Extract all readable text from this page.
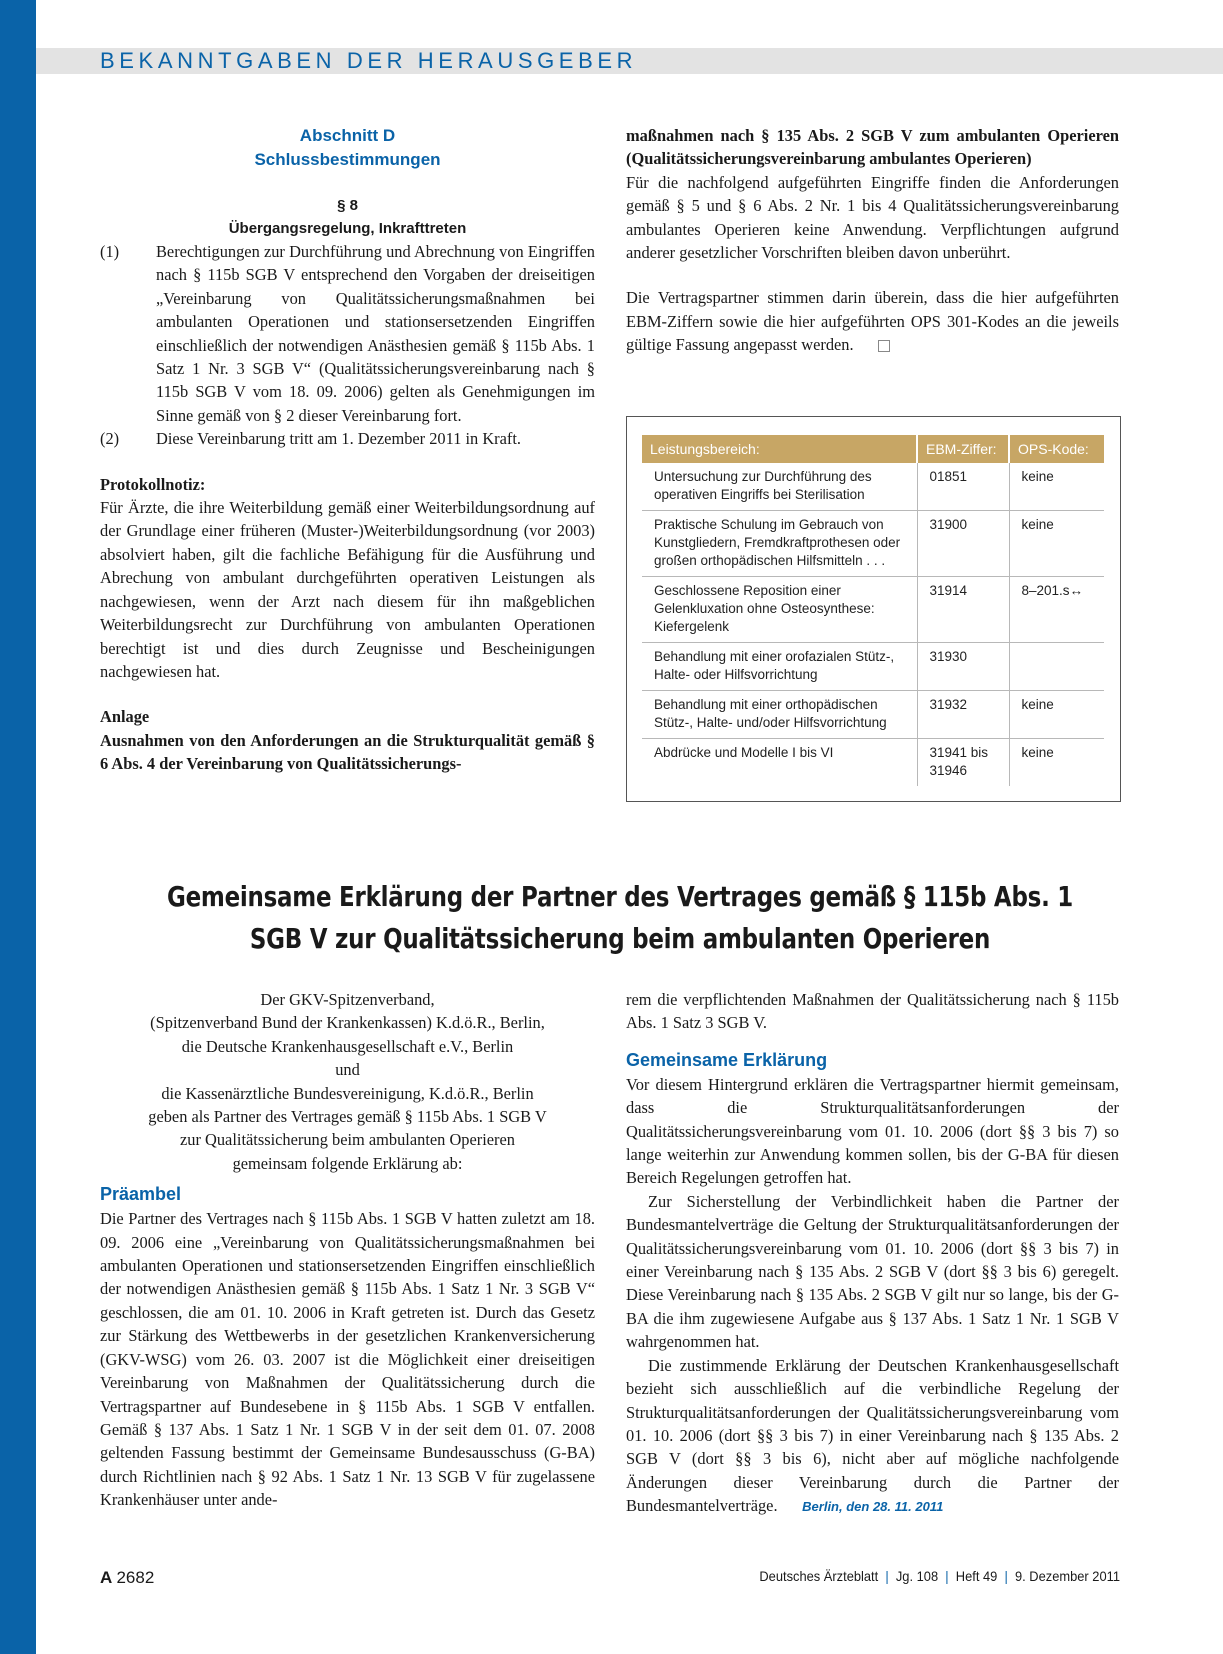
BEKANNTGABEN DER HERAUSGEBER
Abschnitt D
Schlussbestimmungen
§ 8
Übergangsregelung, Inkrafttreten
(1)	Berechtigungen zur Durchführung und Abrechnung von Eingriffen nach § 115b SGB V entsprechend den Vorgaben der dreiseitigen „Vereinbarung von Qualitätssicherungsmaßnahmen bei ambulanten Operationen und stationsersetzenden Eingriffen einschließlich der notwendigen Anästhesien gemäß § 115b Abs. 1 Satz 1 Nr. 3 SGB V“ (Qualitätssicherungsvereinbarung nach § 115b SGB V vom 18. 09. 2006) gelten als Genehmigungen im Sinne gemäß von § 2 dieser Vereinbarung fort.
(2)	Diese Vereinbarung tritt am 1. Dezember 2011 in Kraft.
Protokollnotiz:
Für Ärzte, die ihre Weiterbildung gemäß einer Weiterbildungsordnung auf der Grundlage einer früheren (Muster-)Weiterbildungsordnung (vor 2003) absolviert haben, gilt die fachliche Befähigung für die Ausführung und Abrechung von ambulant durchgeführten operativen Leistungen als nachgewiesen, wenn der Arzt nach diesem für ihn maßgeblichen Weiterbildungsrecht zur Durchführung von ambulanten Operationen berechtigt ist und dies durch Zeugnisse und Bescheinigungen nachgewiesen hat.
Anlage
Ausnahmen von den Anforderungen an die Strukturqualität gemäß § 6 Abs. 4 der Vereinbarung von Qualitätssicherungs-
maßnahmen nach § 135 Abs. 2 SGB V zum ambulanten Operieren (Qualitätssicherungsvereinbarung ambulantes Operieren)
Für die nachfolgend aufgeführten Eingriffe finden die Anforderungen gemäß § 5 und § 6 Abs. 2 Nr. 1 bis 4 Qualitätssicherungsvereinbarung ambulantes Operieren keine Anwendung. Verpflichtungen aufgrund anderer gesetzlicher Vorschriften bleiben davon unberührt.
Die Vertragspartner stimmen darin überein, dass die hier aufgeführten EBM-Ziffern sowie die hier aufgeführten OPS 301-Kodes an die jeweils gültige Fassung angepasst werden.
Leistungsbereich:	EBM-Ziffer:	OPS-Kode:
Untersuchung zur Durchführung des operativen Eingriffs bei Sterilisation	01851	keine
Praktische Schulung im Gebrauch von Kunstgliedern, Fremdkraftprothesen oder großen orthopädischen Hilfsmitteln . . .	31900	keine
Geschlossene Reposition einer Gelenkluxation ohne Osteosynthese: Kiefergelenk	31914	8–201.s↔
Behandlung mit einer orofazialen Stütz-, Halte- oder Hilfsvorrichtung	31930	
Behandlung mit einer orthopädischen Stütz-, Halte- und/oder Hilfsvorrichtung	31932	keine
Abdrücke und Modelle I bis VI	31941 bis 31946	keine
Gemeinsame Erklärung der Partner des Vertrages gemäß § 115b Abs. 1 SGB V zur Qualitätssicherung beim ambulanten Operieren
Der GKV-Spitzenverband,
(Spitzenverband Bund der Krankenkassen) K.d.ö.R., Berlin,
die Deutsche Krankenhausgesellschaft e.V., Berlin
und
die Kassenärztliche Bundesvereinigung, K.d.ö.R., Berlin
geben als Partner des Vertrages gemäß § 115b Abs. 1 SGB V
zur Qualitätssicherung beim ambulanten Operieren
gemeinsam folgende Erklärung ab:
Präambel
Die Partner des Vertrages nach § 115b Abs. 1 SGB V hatten zuletzt am 18. 09. 2006 eine „Vereinbarung von Qualitätssicherungsmaßnahmen bei ambulanten Operationen und stationsersetzenden Eingriffen einschließlich der notwendigen Anästhesien gemäß § 115b Abs. 1 Satz 1 Nr. 3 SGB V“ geschlossen, die am 01. 10. 2006 in Kraft getreten ist. Durch das Gesetz zur Stärkung des Wettbewerbs in der gesetzlichen Krankenversicherung (GKV-WSG) vom 26. 03. 2007 ist die Möglichkeit einer dreiseitigen Vereinbarung von Maßnahmen der Qualitätssicherung durch die Vertragspartner auf Bundesebene in § 115b Abs. 1 SGB V entfallen. Gemäß § 137 Abs. 1 Satz 1 Nr. 1 SGB V in der seit dem 01. 07. 2008 geltenden Fassung bestimmt der Gemeinsame Bundesausschuss (G-BA) durch Richtlinien nach § 92 Abs. 1 Satz 1 Nr. 13 SGB V für zugelassene Krankenhäuser unter ande-
rem die verpflichtenden Maßnahmen der Qualitätssicherung nach § 115b Abs. 1 Satz 3 SGB V.
Gemeinsame Erklärung
Vor diesem Hintergrund erklären die Vertragspartner hiermit gemeinsam, dass die Strukturqualitätsanforderungen der Qualitätssicherungsvereinbarung vom 01. 10. 2006 (dort §§ 3 bis 7) so lange weiterhin zur Anwendung kommen sollen, bis der G-BA für diesen Bereich Regelungen getroffen hat.
Zur Sicherstellung der Verbindlichkeit haben die Partner der Bundesmantelverträge die Geltung der Strukturqualitätsanforderungen der Qualitätssicherungsvereinbarung vom 01. 10. 2006 (dort §§ 3 bis 7) in einer Vereinbarung nach § 135 Abs. 2 SGB V (dort §§ 3 bis 6) geregelt. Diese Vereinbarung nach § 135 Abs. 2 SGB V gilt nur so lange, bis der G-BA die ihm zugewiesene Aufgabe aus § 137 Abs. 1 Satz 1 Nr. 1 SGB V wahrgenommen hat.
Die zustimmende Erklärung der Deutschen Krankenhausgesellschaft bezieht sich ausschließlich auf die verbindliche Regelung der Strukturqualitätsanforderungen der Qualitätssicherungsvereinbarung vom 01. 10. 2006 (dort §§ 3 bis 7) in einer Vereinbarung nach § 135 Abs. 2 SGB V (dort §§ 3 bis 6), nicht aber auf mögliche nachfolgende Änderungen dieser Vereinbarung durch die Partner der Bundesmantelverträge. Berlin, den 28. 11. 2011
A 2682	Deutsches Ärzteblatt  |  Jg. 108  |  Heft 49  |  9. Dezember 2011
